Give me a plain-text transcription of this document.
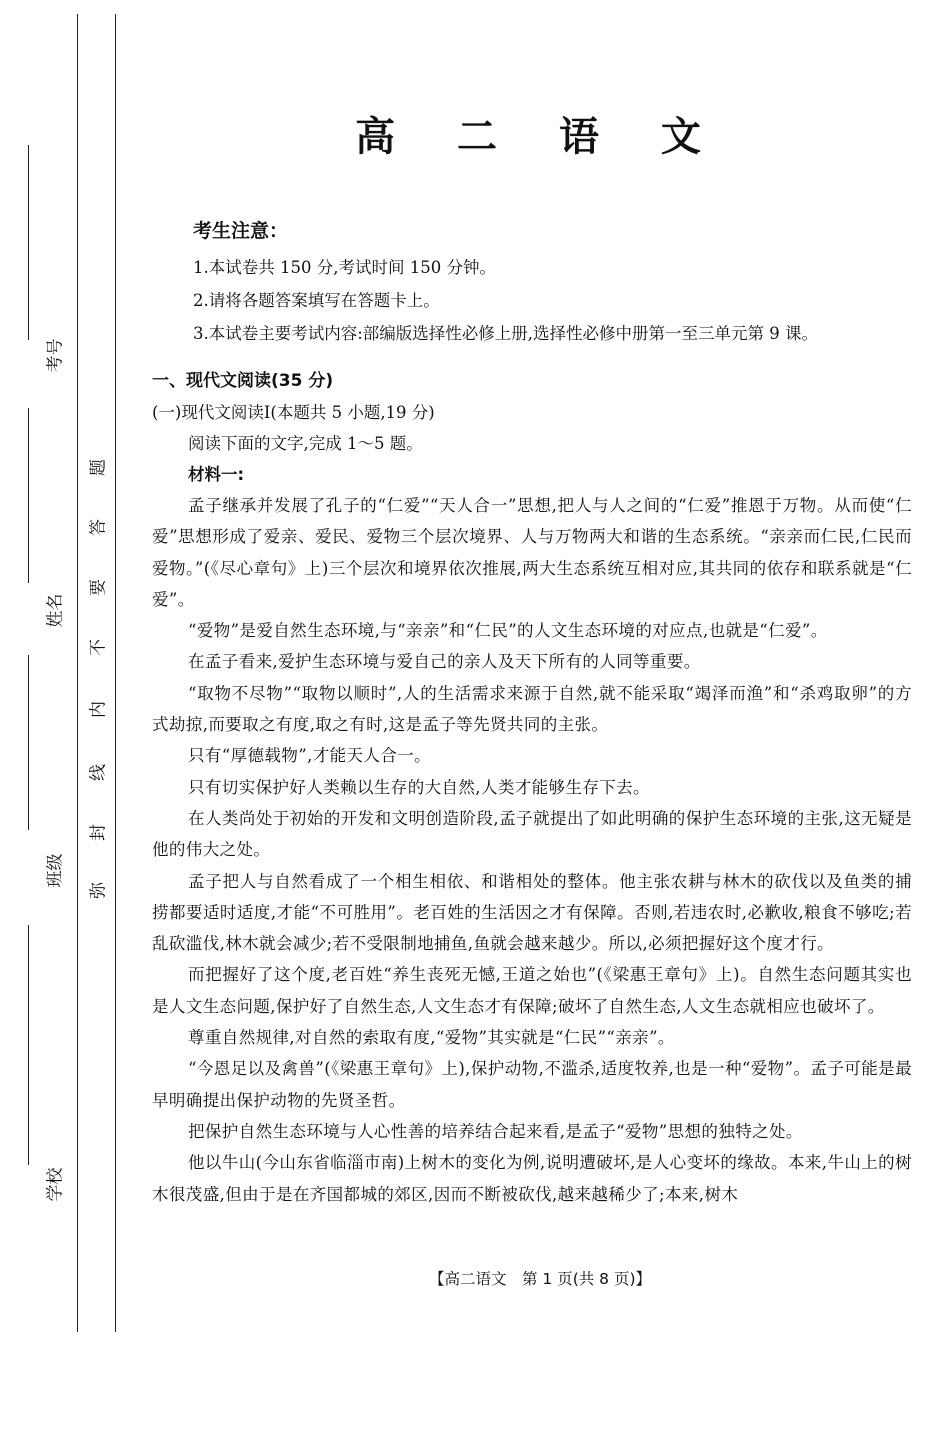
考号
姓名
班级
学校
题
答
要
不
内
线
封
弥
高 二 语 文
考生注意：
1.本试卷共 150 分,考试时间 150 分钟。
2.请将各题答案填写在答题卡上。
3.本试卷主要考试内容:部编版选择性必修上册,选择性必修中册第一至三单元第 9 课。
一、现代文阅读(35 分)
(一)现代文阅读Ⅰ(本题共 5 小题,19 分)
阅读下面的文字,完成 1～5 题。
材料一:

孟子继承并发展了孔子的“仁爱”“天人合一”思想,把人与人之间的“仁爱”推恩于万物。从而使“仁爱”思想形成了爱亲、爱民、爱物三个层次境界、人与万物两大和谐的生态系统。“亲亲而仁民,仁民而爱物。”(《尽心章句》上)三个层次和境界依次推展,两大生态系统互相对应,其共同的依存和联系就是“仁爱”。

“爱物”是爱自然生态环境,与“亲亲”和“仁民”的人文生态环境的对应点,也就是“仁爱”。

在孟子看来,爱护生态环境与爱自己的亲人及天下所有的人同等重要。

“取物不尽物”“取物以顺时”,人的生活需求来源于自然,就不能采取“竭泽而渔”和“杀鸡取卵”的方式劫掠,而要取之有度,取之有时,这是孟子等先贤共同的主张。

只有“厚德载物”,才能天人合一。

只有切实保护好人类赖以生存的大自然,人类才能够生存下去。

在人类尚处于初始的开发和文明创造阶段,孟子就提出了如此明确的保护生态环境的主张,这无疑是他的伟大之处。

孟子把人与自然看成了一个相生相依、和谐相处的整体。他主张农耕与林木的砍伐以及鱼类的捕捞都要适时适度,才能“不可胜用”。老百姓的生活因之才有保障。否则,若违农时,必歉收,粮食不够吃;若乱砍滥伐,林木就会减少;若不受限制地捕鱼,鱼就会越来越少。所以,必须把握好这个度才行。

而把握好了这个度,老百姓“养生丧死无憾,王道之始也”(《梁惠王章句》上)。自然生态问题其实也是人文生态问题,保护好了自然生态,人文生态才有保障;破坏了自然生态,人文生态就相应也破坏了。

尊重自然规律,对自然的索取有度,“爱物”其实就是“仁民”“亲亲”。

“今恩足以及禽兽”(《梁惠王章句》上),保护动物,不滥杀,适度牧养,也是一种“爱物”。孟子可能是最早明确提出保护动物的先贤圣哲。

把保护自然生态环境与人心性善的培养结合起来看,是孟子“爱物”思想的独特之处。

他以牛山(今山东省临淄市南)上树木的变化为例,说明遭破坏,是人心变坏的缘故。本来,牛山上的树木很茂盛,但由于是在齐国都城的郊区,因而不断被砍伐,越来越稀少了;本来,树木

【高二语文　第 1 页(共 8 页)】
